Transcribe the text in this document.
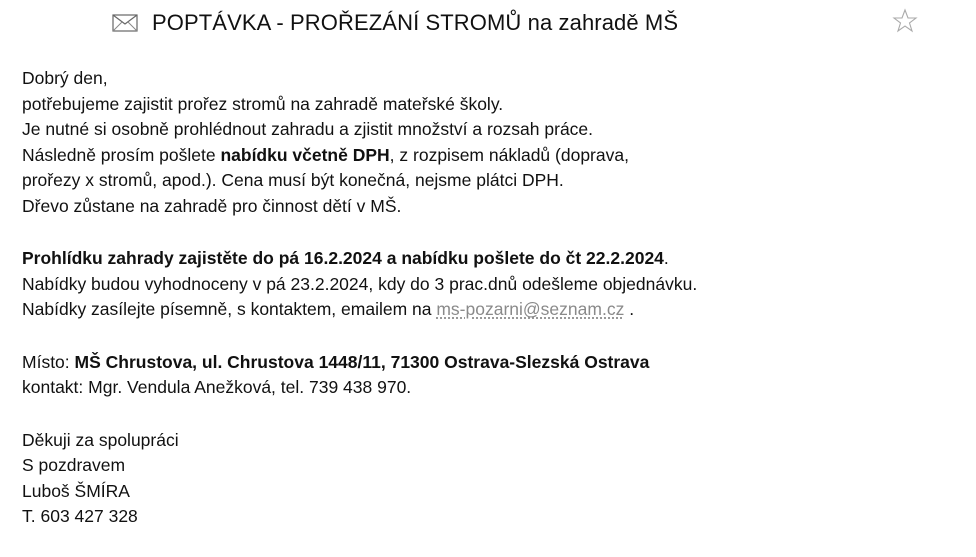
POPTÁVKA - PROŘEZÁNÍ STROMŮ na zahradě MŠ
Dobrý den,
potřebujeme zajistit prořez stromů na zahradě mateřské školy.
Je nutné si osobně prohlédnout zahradu a zjistit množství a rozsah práce.
Následně prosím pošlete nabídku včetně DPH, z rozpisem nákladů (doprava,
prořezy x stromů, apod.). Cena musí být konečná, nejsme plátci DPH.
Dřevo zůstane na zahradě pro činnost dětí v MŠ.
Prohlídku zahrady zajistěte do pá 16.2.2024 a nabídku pošlete do čt 22.2.2024.
Nabídky budou vyhodnoceny v pá 23.2.2024, kdy do 3 prac.dnů odešleme objednávku.
Nabídky zasílejte písemně, s kontaktem, emailem na ms-pozarni@seznam.cz .
Místo: MŠ Chrustova, ul. Chrustova 1448/11, 71300 Ostrava-Slezská Ostrava
kontakt: Mgr. Vendula Anežková, tel. 739 438 970.
Děkuji za spolupráci
S pozdravem
Luboš ŠMÍRA
T. 603 427 328
